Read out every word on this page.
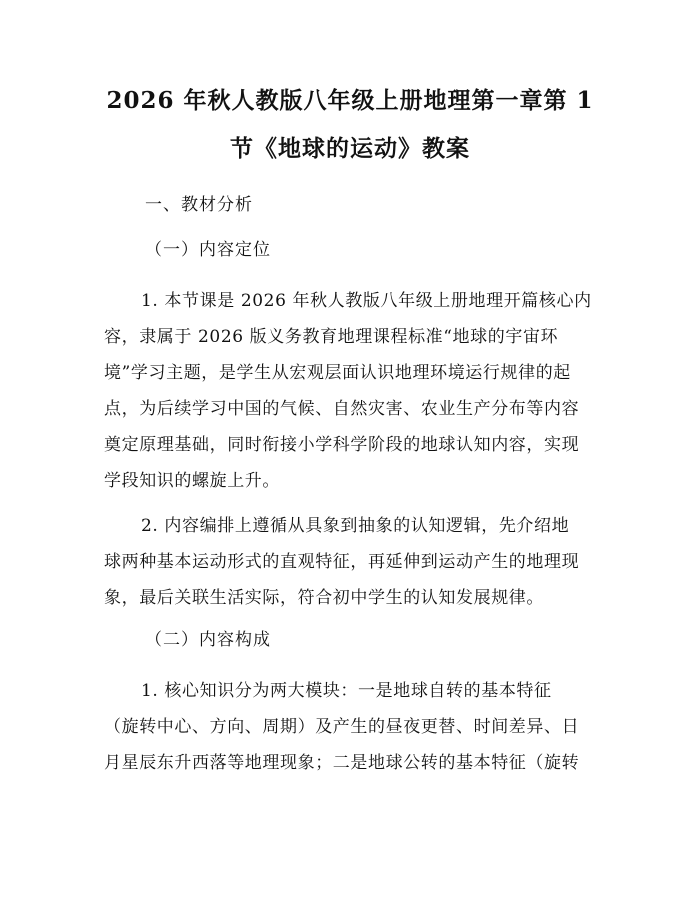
2026 年秋人教版八年级上册地理第一章第 1
节《地球的运动》教案

一、教材分析

（一）内容定位

1. 本节课是 2026 年秋人教版八年级上册地理开篇核心内
容，隶属于 2026 版义务教育地理课程标准“地球的宇宙环
境”学习主题，是学生从宏观层面认识地理环境运行规律的起
点，为后续学习中国的气候、自然灾害、农业生产分布等内容
奠定原理基础，同时衔接小学科学阶段的地球认知内容，实现
学段知识的螺旋上升。
2. 内容编排上遵循从具象到抽象的认知逻辑，先介绍地
球两种基本运动形式的直观特征，再延伸到运动产生的地理现
象，最后关联生活实际，符合初中学生的认知发展规律。

（二）内容构成

1. 核心知识分为两大模块：一是地球自转的基本特征
（旋转中心、方向、周期）及产生的昼夜更替、时间差异、日
月星辰东升西落等地理现象；二是地球公转的基本特征（旋转
